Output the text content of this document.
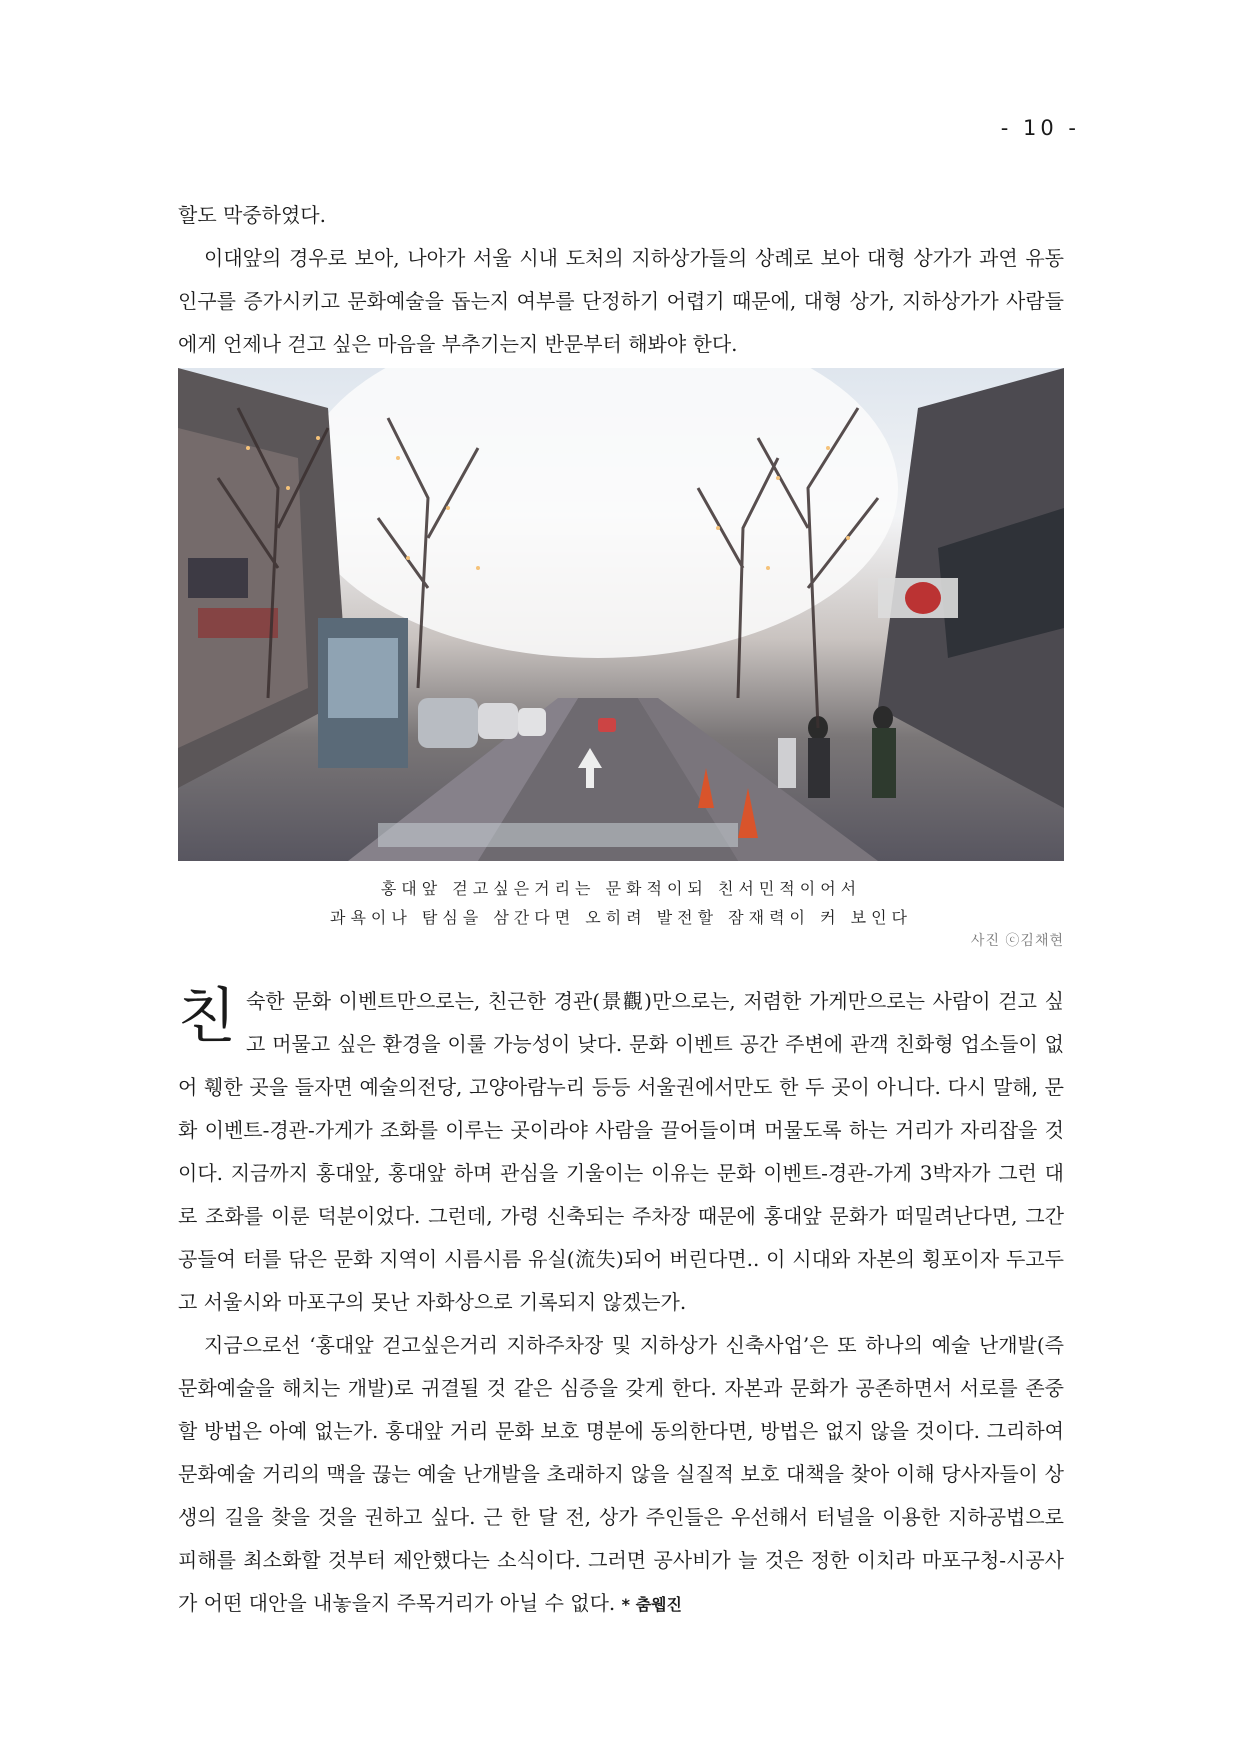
- 10 -

할도 막중하였다.

이대앞의 경우로 보아, 나아가 서울 시내 도처의 지하상가들의 상례로 보아 대형 상가가 과연 유동인구를 증가시키고 문화예술을 돕는지 여부를 단정하기 어렵기 때문에, 대형 상가, 지하상가가 사람들에게 언제나 걷고 싶은 마음을 부추기는지 반문부터 해봐야 한다.

홍대앞 걷고싶은거리는 문화적이되 친서민적이어서
과욕이나 탐심을 삼간다면 오히려 발전할 잠재력이 커 보인다
사진 ⓒ김채현
친 숙한 문화 이벤트만으로는, 친근한 경관(景觀)만으로는, 저렴한 가게만으로는 사람이 걷고 싶고 머물고 싶은 환경을 이룰 가능성이 낮다. 문화 이벤트 공간 주변에 관객 친화형 업소들이 없어 휑한 곳을 들자면 예술의전당, 고양아람누리 등등 서울권에서만도 한 두 곳이 아니다. 다시 말해, 문화 이벤트-경관-가게가 조화를 이루는 곳이라야 사람을 끌어들이며 머물도록 하는 거리가 자리잡을 것이다. 지금까지 홍대앞, 홍대앞 하며 관심을 기울이는 이유는 문화 이벤트-경관-가게 3박자가 그런 대로 조화를 이룬 덕분이었다. 그런데, 가령 신축되는 주차장 때문에 홍대앞 문화가 떠밀려난다면, 그간 공들여 터를 닦은 문화 지역이 시름시름 유실(流失)되어 버린다면.. 이 시대와 자본의 횡포이자 두고두고 서울시와 마포구의 못난 자화상으로 기록되지 않겠는가.

지금으로선 ‘홍대앞 걷고싶은거리 지하주차장 및 지하상가 신축사업’은 또 하나의 예술 난개발(즉 문화예술을 해치는 개발)로 귀결될 것 같은 심증을 갖게 한다. 자본과 문화가 공존하면서 서로를 존중할 방법은 아예 없는가. 홍대앞 거리 문화 보호 명분에 동의한다면, 방법은 없지 않을 것이다. 그리하여 문화예술 거리의 맥을 끊는 예술 난개발을 초래하지 않을 실질적 보호 대책을 찾아 이해 당사자들이 상생의 길을 찾을 것을 권하고 싶다. 근 한 달 전, 상가 주인들은 우선해서 터널을 이용한 지하공법으로 피해를 최소화할 것부터 제안했다는 소식이다. 그러면 공사비가 늘 것은 정한 이치라 마포구청-시공사가 어떤 대안을 내놓을지 주목거리가 아닐 수 없다. * 춤웹진
